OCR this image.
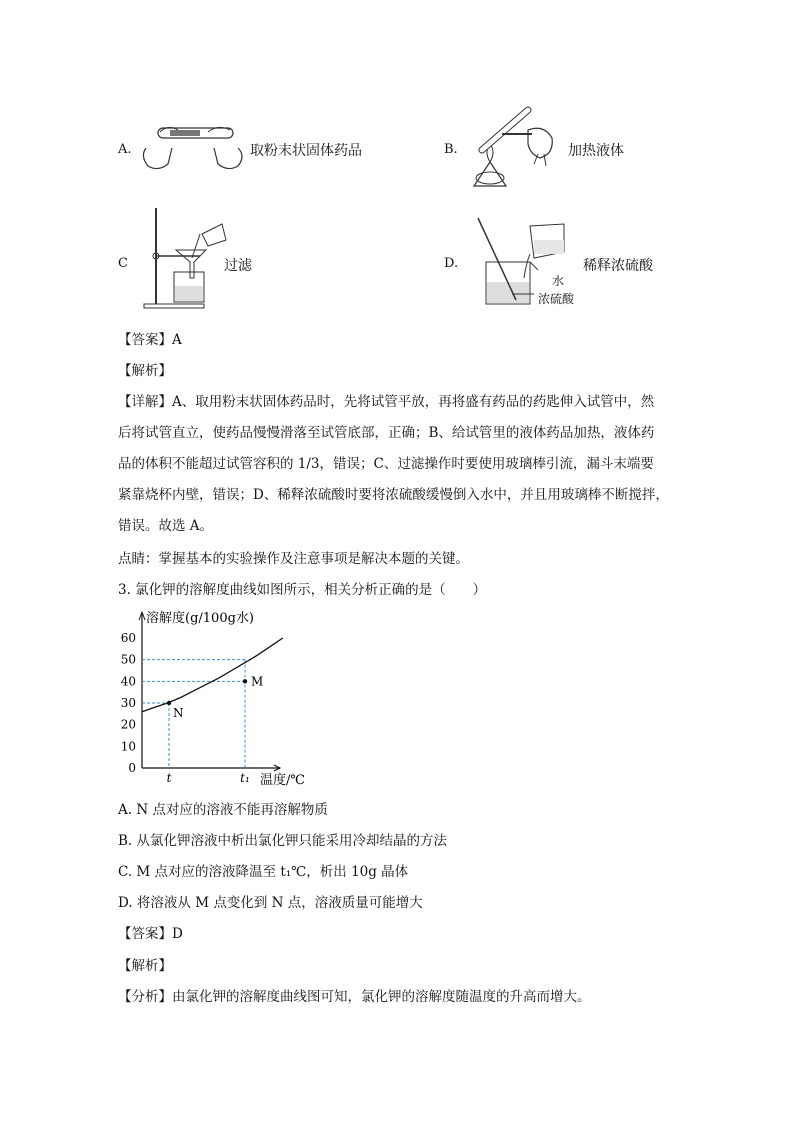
A.	取粉末状固体药品	B.	加热液体
C	过滤	D.	稀释浓硫酸
水
浓硫酸
【答案】A
【解析】
【详解】A、取用粉末状固体药品时，先将试管平放，再将盛有药品的药匙伸入试管中，然
后将试管直立，使药品慢慢滑落至试管底部，正确；B、给试管里的液体药品加热，液体药
品的体积不能超过试管容积的 1/3，错误；C、过滤操作时要使用玻璃棒引流，漏斗末端要
紧靠烧杯内壁，错误；D、稀释浓硫酸时要将浓硫酸缓慢倒入水中，并且用玻璃棒不断搅拌，
错误。故选 A。
点睛：掌握基本的实验操作及注意事项是解决本题的关键。
3. 氯化钾的溶解度曲线如图所示，相关分析正确的是（　　）
溶解度(g/100g水)
温度/℃
0
10
20
30
40
50
60
t	t₁
N
M
A. N 点对应的溶液不能再溶解物质
B. 从氯化钾溶液中析出氯化钾只能采用冷却结晶的方法
C. M 点对应的溶液降温至 t₁℃，析出 10g 晶体
D. 将溶液从 M 点变化到 N 点，溶液质量可能增大
【答案】D
【解析】
【分析】由氯化钾的溶解度曲线图可知，氯化钾的溶解度随温度的升高而增大。
